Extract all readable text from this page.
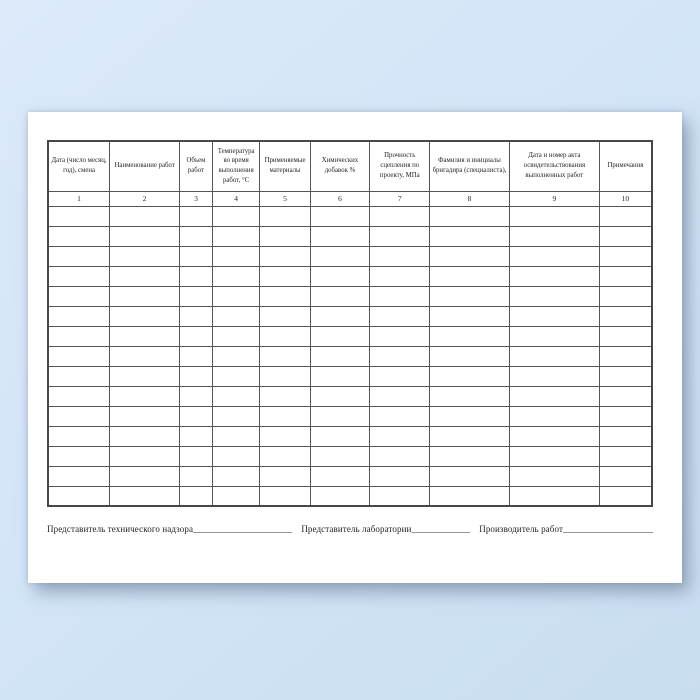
Дата (число месяц, год), смена	Наименование работ	Объем работ	Температура во время выполнения работ, °С	Применяемые материалы	Химических добавок %	Прочность сцепления по проекту, МПа	Фамилия и инициалы бригадира (специалиста),	Дата и номер акта освидетельствования выполненных работ	Примечания
1	2	3	4	5	6	7	8	9	10

Представитель технического надзора______________________ Представитель лаборатории_____________ Производитель работ____________________
